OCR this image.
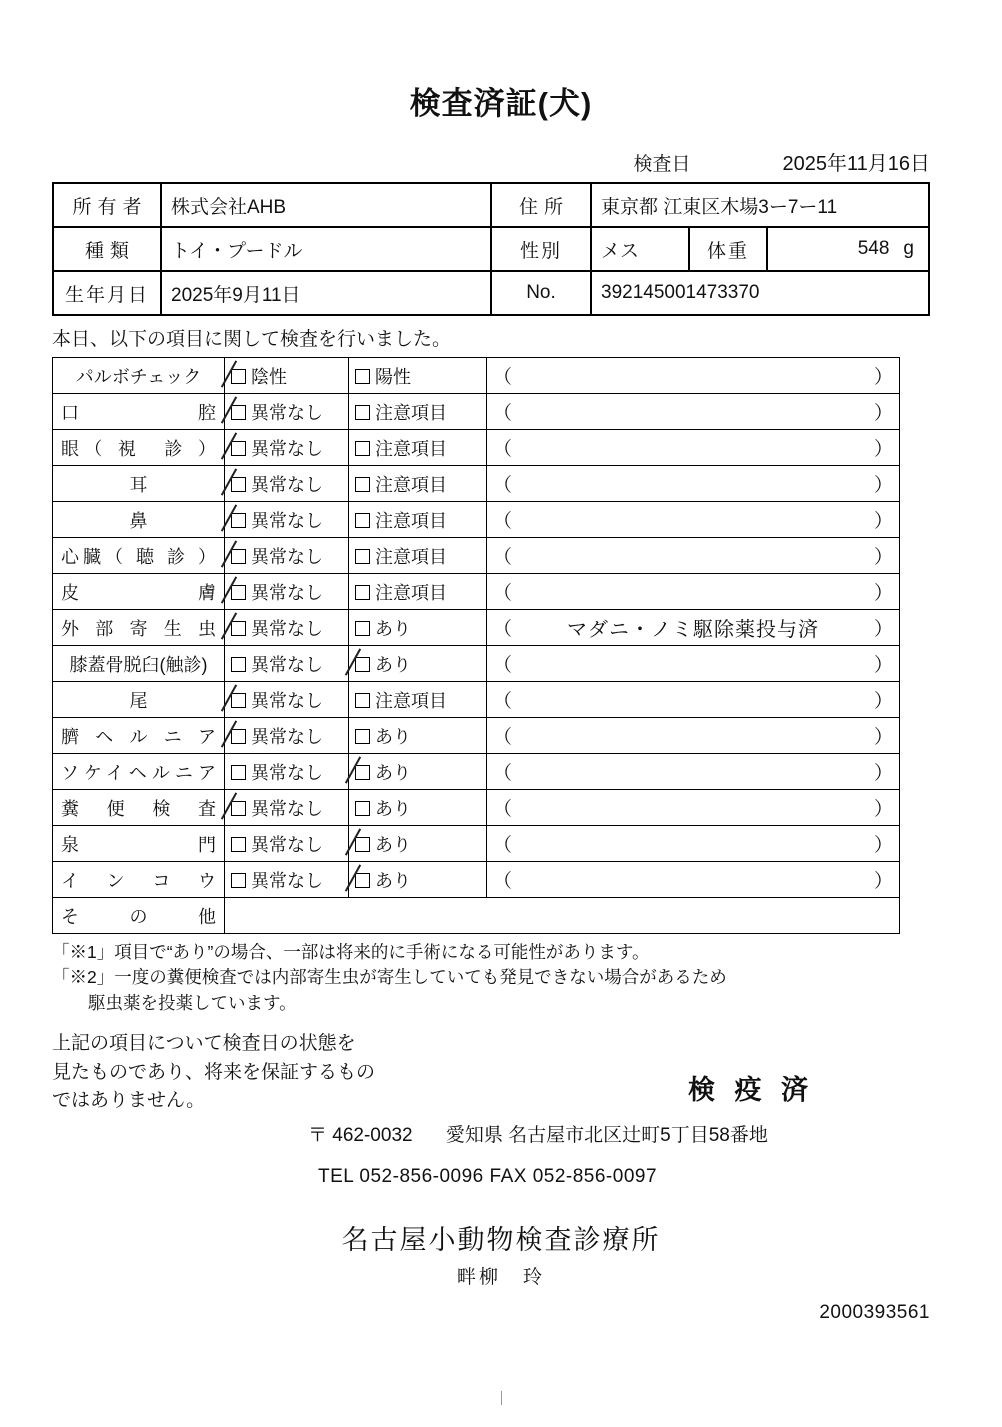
検査済証(犬)
検査日	2025年11月16日
所有者	株式会社AHB	住所	東京都 江東区木場3ー7ー11
種類	トイ・プードル	性別	メス	体重	548 g
生年月日	2025年9月11日	No.	392145001473370
本日、以下の項目に関して検査を行いました。
パルボチェック	陰性	陽性	（ ）

口　　　　腔	異常なし	注意項目	（ ）

眼（ 視　診 ）	異常なし	注意項目	（ ）

耳	異常なし	注意項目	（ ）

鼻	異常なし	注意項目	（ ）

心臓（ 聴 診 ）	異常なし	注意項目	（ ）

皮　　　　膚	異常なし	注意項目	（ ）

外 部 寄 生 虫	異常なし	あり	（ マダニ・ノミ駆除薬投与済 ）

膝蓋骨脱臼(触診)	異常なし	あり	（ ）

尾	異常なし	注意項目	（ ）

臍 ヘ ル ニ ア	異常なし	あり	（ ）

ソケイヘルニア	異常なし	あり	（ ）

糞　便　検　査	異常なし	あり	（ ）

泉　　　　門	異常なし	あり	（ ）

イ ン コ ウ	異常なし	あり	（ ）

そ　の　他			
「※1」項目で“あり”の場合、一部は将来的に手術になる可能性があります。
「※2」一度の糞便検査では内部寄生虫が寄生していても発見できない場合があるため
駆虫薬を投薬しています。
上記の項目について検査日の状態を
見たものであり、将来を保証するもの
ではありません。	検 疫 済
〒 462-0032 愛知県 名古屋市北区辻町5丁目58番地
TEL 052-856-0096 FAX 052-856-0097
名古屋小動物検査診療所
畔柳　玲
2000393561
